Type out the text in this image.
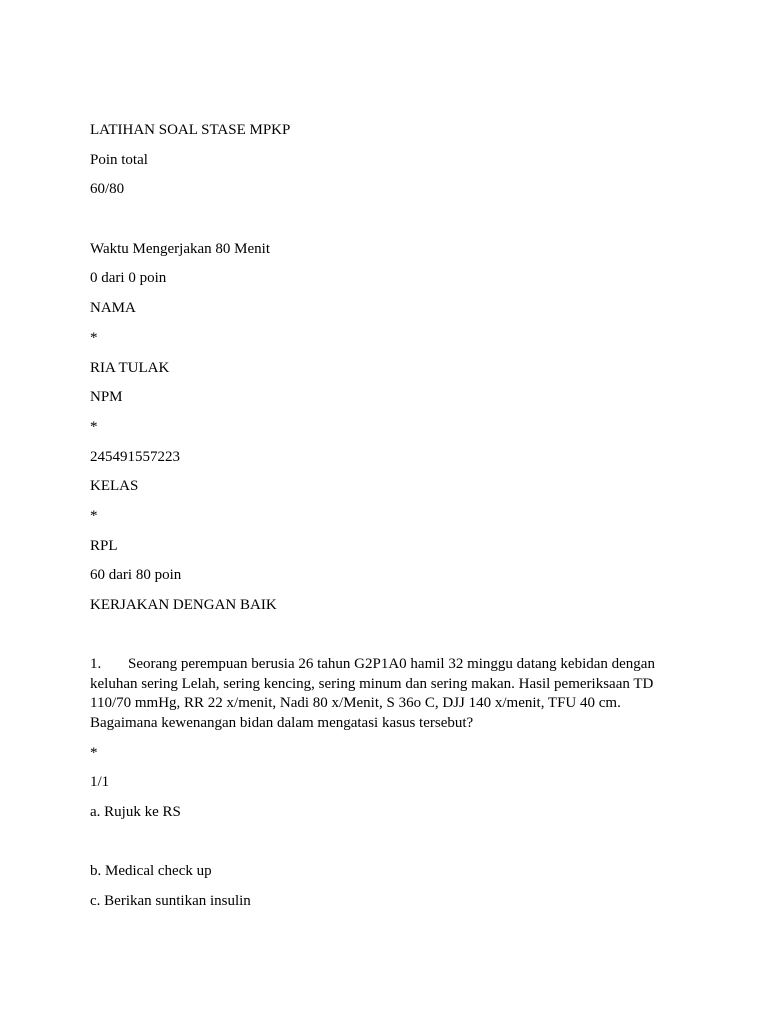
LATIHAN SOAL STASE MPKP
Poin total
60/80
Waktu Mengerjakan 80 Menit
0 dari 0 poin
NAMA
*
RIA TULAK
NPM
*
245491557223
KELAS
*
RPL
60 dari 80 poin
KERJAKAN DENGAN BAIK
1. Seorang perempuan berusia 26 tahun G2P1A0 hamil 32 minggu datang kebidan dengan keluhan sering Lelah, sering kencing, sering minum dan sering makan. Hasil pemeriksaan TD 110/70 mmHg, RR 22 x/menit, Nadi 80 x/Menit, S 36o C, DJJ 140 x/menit, TFU 40 cm. Bagaimana kewenangan bidan dalam mengatasi kasus tersebut?
*
1/1
a. Rujuk ke RS
b. Medical check up
c. Berikan suntikan insulin
